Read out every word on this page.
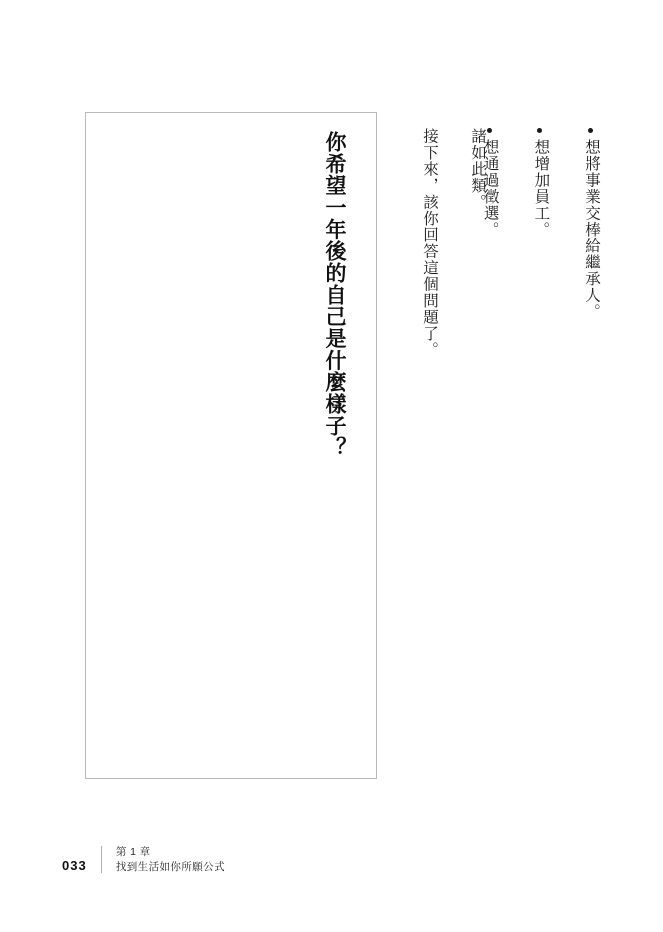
想通過徵選。	想增加員工。	想將事業交棒給繼承人。
諸如此類。
接下來，該你回答這個問題了。
你希望一年後的自己是什麼樣子？
033
第 1 章
找到生活如你所願公式
